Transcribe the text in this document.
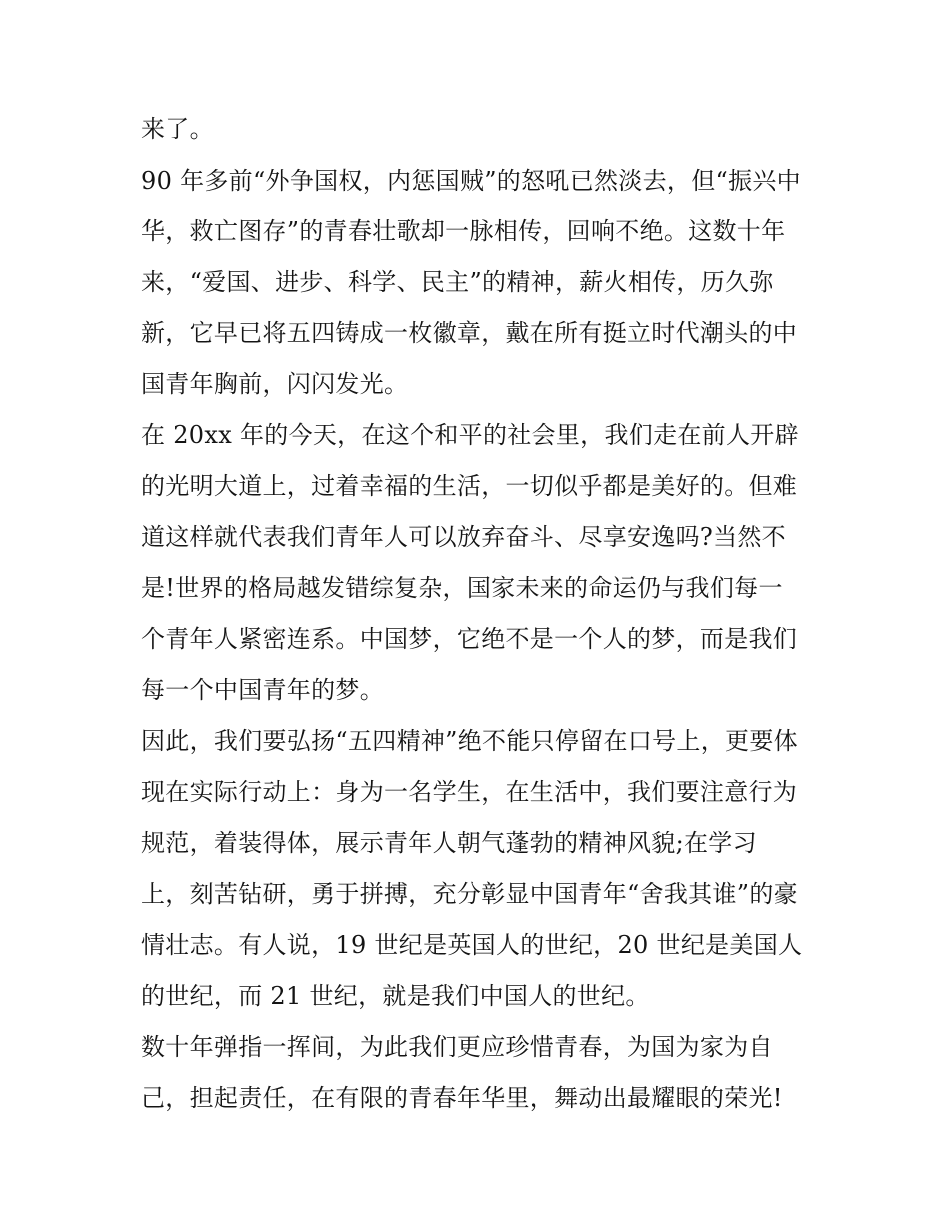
来了。
90 年多前“外争国权，内惩国贼”的怒吼已然淡去，但“振兴中
华，救亡图存”的青春壮歌却一脉相传，回响不绝。这数十年
来，“爱国、进步、科学、民主”的精神，薪火相传，历久弥
新，它早已将五四铸成一枚徽章，戴在所有挺立时代潮头的中
国青年胸前，闪闪发光。
在 20xx 年的今天，在这个和平的社会里，我们走在前人开辟
的光明大道上，过着幸福的生活，一切似乎都是美好的。但难
道这样就代表我们青年人可以放弃奋斗、尽享安逸吗?当然不
是!世界的格局越发错综复杂，国家未来的命运仍与我们每一
个青年人紧密连系。中国梦，它绝不是一个人的梦，而是我们
每一个中国青年的梦。
因此，我们要弘扬“五四精神”绝不能只停留在口号上，更要体
现在实际行动上：身为一名学生，在生活中，我们要注意行为
规范，着装得体，展示青年人朝气蓬勃的精神风貌;在学习
上，刻苦钻研，勇于拼搏，充分彰显中国青年“舍我其谁”的豪
情壮志。有人说，19 世纪是英国人的世纪，20 世纪是美国人
的世纪，而 21 世纪，就是我们中国人的世纪。
数十年弹指一挥间，为此我们更应珍惜青春，为国为家为自
己，担起责任，在有限的青春年华里，舞动出最耀眼的荣光!
